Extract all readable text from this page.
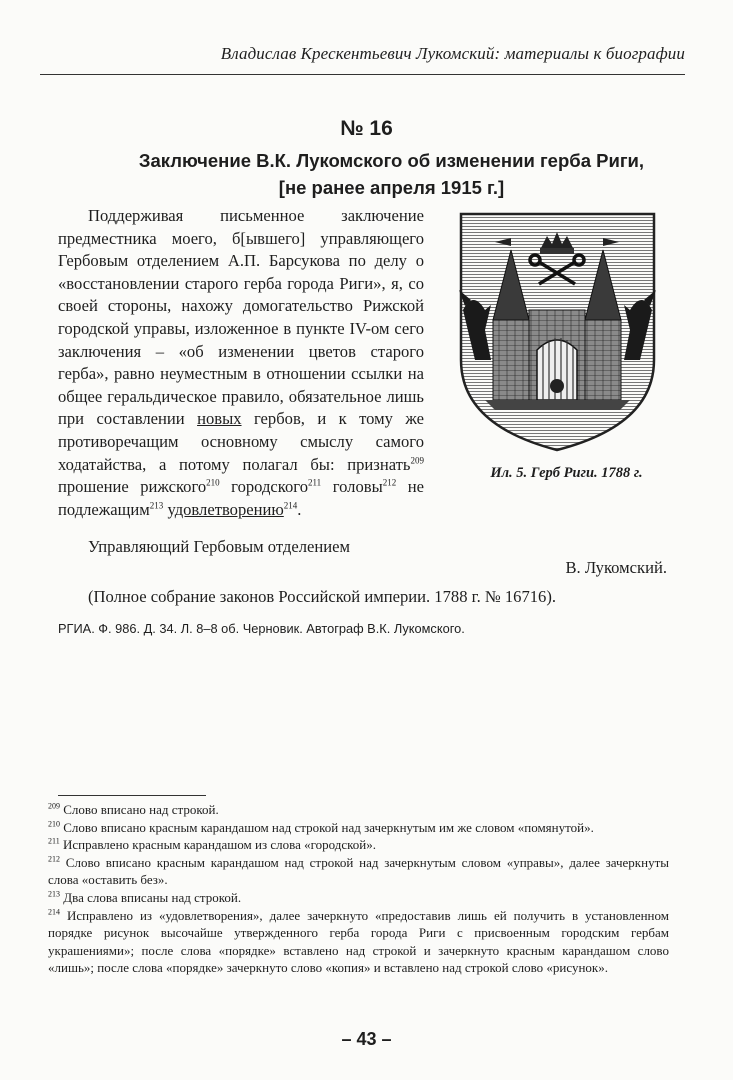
Владислав Крескентьевич Лукомский: материалы к биографии
№ 16
Заключение В.К. Лукомского об изменении герба Риги,
[не ранее апреля 1915 г.]

Поддерживая письменное заключение предместника моего, б[ывшего] управляющего Гербовым отделением А.П. Барсукова по делу о «восстановлении старого герба города Риги», я, со своей стороны, нахожу домогательство Рижской городской управы, изложенное в пункте IV-ом сего заключения – «об изменении цветов старого герба», равно неуместным в отношении ссылки на общее геральдическое правило, обязательное лишь при составлении новых гербов, и к тому же противоречащим основному смыслу самого ходатайства, а потому полагал бы: признать$^{209}$ прошение рижского$^{210}$ городского$^{211}$ головы$^{212}$ не подлежащим$^{213}$ удовлетворению$^{214}$.

Ил. 5. Герб Риги. 1788 г.
Управляющий Гербовым отделением
В. Лукомский.
(Полное собрание законов Российской империи. 1788 г. № 16716).
РГИА. Ф. 986. Д. 34. Л. 8–8 об. Черновик. Автограф В.К. Лукомского.

$^{209}$ Слово вписано над строкой.

$^{210}$ Слово вписано красным карандашом над строкой над зачеркнутым им же словом «помянутой».

$^{211}$ Исправлено красным карандашом из слова «городской».

$^{212}$ Слово вписано красным карандашом над строкой над зачеркнутым словом «управы», далее зачеркнуты слова «оставить без».

$^{213}$ Два слова вписаны над строкой.

$^{214}$ Исправлено из «удовлетворения», далее зачеркнуто «предоставив лишь ей получить в установленном порядке рисунок высочайше утвержденного герба города Риги с присвоенным городским гербам украшениями»; после слова «порядке» вставлено над строкой и зачеркнуто красным карандашом слово «лишь»; после слова «порядке» зачеркнуто слово «копия» и вставлено над строкой слово «рисунок».

– 43 –
